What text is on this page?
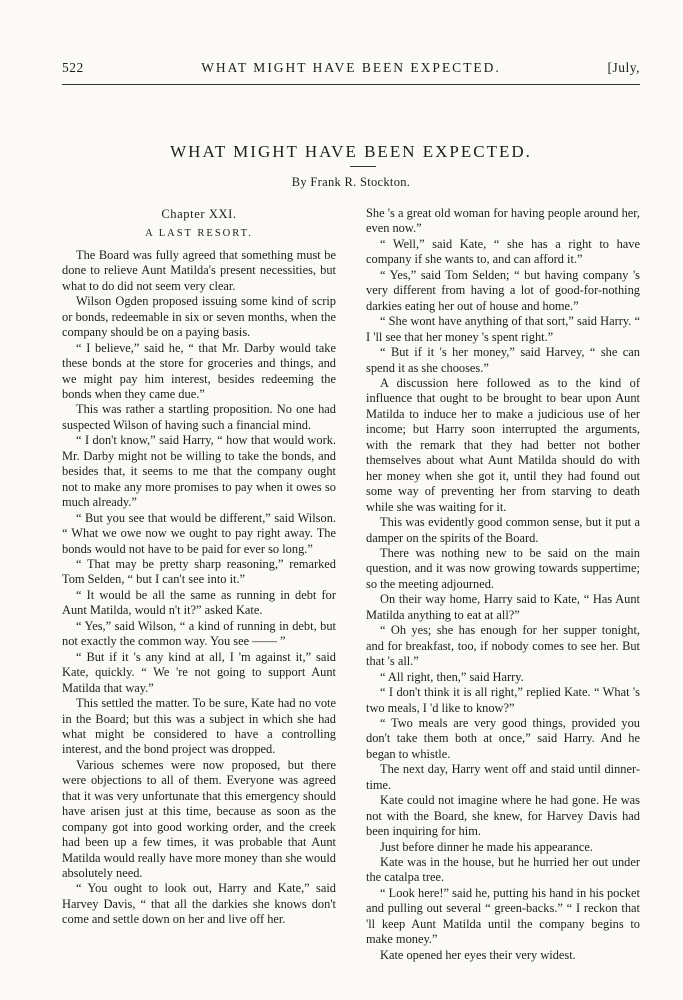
WHAT MIGHT HAVE BEEN EXPECTED.
522	[July,
WHAT MIGHT HAVE BEEN EXPECTED.
By Frank R. Stockton.
Chapter XXI.
A LAST RESORT.

The Board was fully agreed that something must be done to relieve Aunt Matilda's present necessities, but what to do did not seem very clear.

Wilson Ogden proposed issuing some kind of scrip or bonds, redeemable in six or seven months, when the company should be on a paying basis.

“ I believe,” said he, “ that Mr. Darby would take these bonds at the store for groceries and things, and we might pay him interest, besides redeeming the bonds when they came due.”

This was rather a startling proposition. No one had suspected Wilson of having such a financial mind.

“ I don't know,” said Harry, “ how that would work. Mr. Darby might not be willing to take the bonds, and besides that, it seems to me that the company ought not to make any more promises to pay when it owes so much already.”

“ But you see that would be different,” said Wilson. “ What we owe now we ought to pay right away. The bonds would not have to be paid for ever so long.”

“ That may be pretty sharp reasoning,” remarked Tom Selden, “ but I can't see into it.”

“ It would be all the same as running in debt for Aunt Matilda, would n't it?” asked Kate.

“ Yes,” said Wilson, “ a kind of running in debt, but not exactly the common way. You see —— ”

“ But if it 's any kind at all, I 'm against it,” said Kate, quickly. “ We 're not going to support Aunt Matilda that way.”

This settled the matter. To be sure, Kate had no vote in the Board; but this was a subject in which she had what might be considered to have a controlling interest, and the bond project was dropped.

Various schemes were now proposed, but there were objections to all of them. Everyone was agreed that it was very unfortunate that this emergency should have arisen just at this time, because as soon as the company got into good working order, and the creek had been up a few times, it was probable that Aunt Matilda would really have more money than she would absolutely need.

“ You ought to look out, Harry and Kate,” said Harvey Davis, “ that all the darkies she knows don't come and settle down on her and live off her.

She 's a great old woman for having people around her, even now.”

“ Well,” said Kate, “ she has a right to have company if she wants to, and can afford it.”

“ Yes,” said Tom Selden; “ but having company 's very different from having a lot of good-for-nothing darkies eating her out of house and home.”

“ She wont have anything of that sort,” said Harry. “ I 'll see that her money 's spent right.”

“ But if it 's her money,” said Harvey, “ she can spend it as she chooses.”

A discussion here followed as to the kind of influence that ought to be brought to bear upon Aunt Matilda to induce her to make a judicious use of her income; but Harry soon interrupted the arguments, with the remark that they had better not bother themselves about what Aunt Matilda should do with her money when she got it, until they had found out some way of preventing her from starving to death while she was waiting for it.

This was evidently good common sense, but it put a damper on the spirits of the Board.

There was nothing new to be said on the main question, and it was now growing towards suppertime; so the meeting adjourned.

On their way home, Harry said to Kate, “ Has Aunt Matilda anything to eat at all?”

“ Oh yes; she has enough for her supper tonight, and for breakfast, too, if nobody comes to see her. But that 's all.”

“ All right, then,” said Harry.

“ I don't think it is all right,” replied Kate. “ What 's two meals, I 'd like to know?”

“ Two meals are very good things, provided you don't take them both at once,” said Harry. And he began to whistle.

The next day, Harry went off and staid until dinner-time.

Kate could not imagine where he had gone. He was not with the Board, she knew, for Harvey Davis had been inquiring for him.

Just before dinner he made his appearance.

Kate was in the house, but he hurried her out under the catalpa tree.

“ Look here!” said he, putting his hand in his pocket and pulling out several “ green-backs.” “ I reckon that 'll keep Aunt Matilda until the company begins to make money.”

Kate opened her eyes their very widest.
